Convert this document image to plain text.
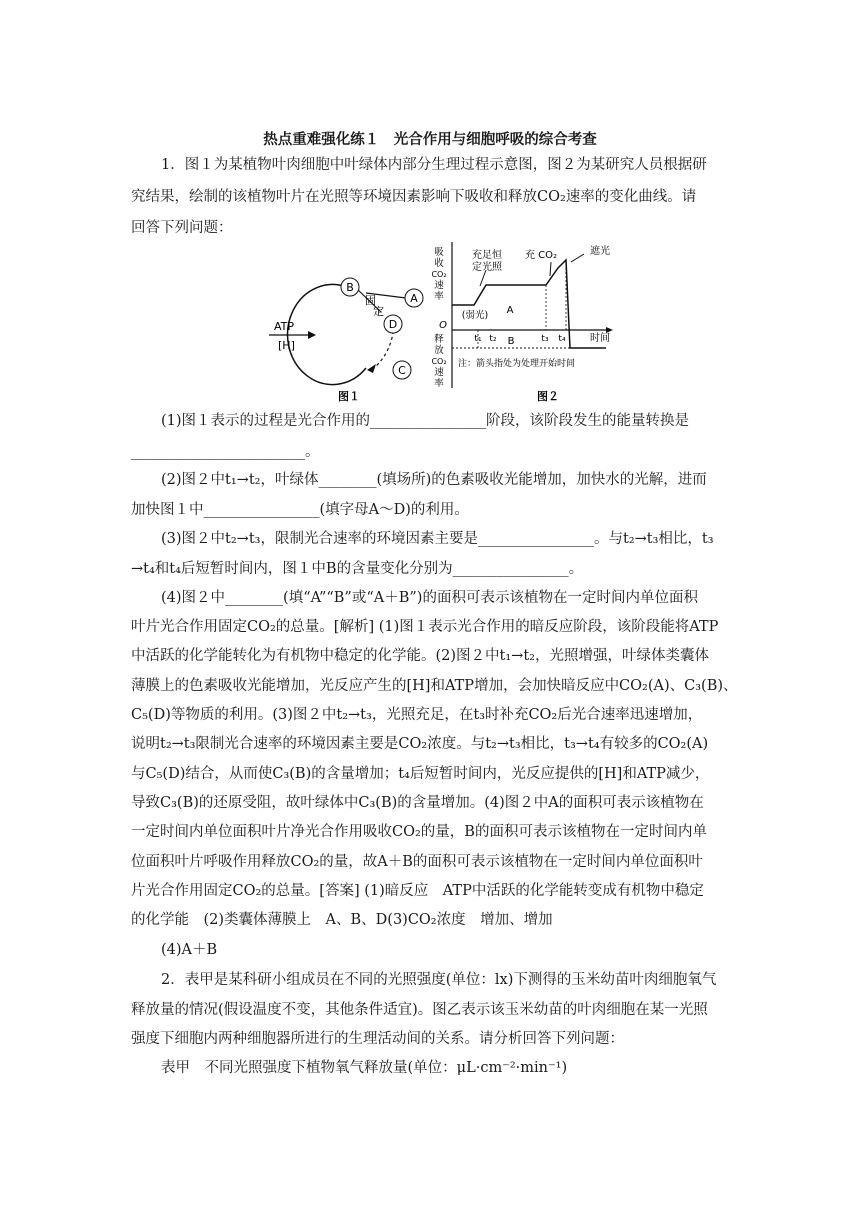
热点重难强化练１　光合作用与细胞呼吸的综合考查
1．图１为某植物叶肉细胞中叶绿体内部分生理过程示意图，图２为某研究人员根据研
究结果，绘制的该植物叶片在光照等环境因素影响下吸收和释放CO₂速率的变化曲线。请
回答下列问题：
B
A
D
C
ATP
[H]
固
定
图１
吸
收
CO₂
速
率
O
释
放
CO₂
速
率
充足恒
定光照
充 CO₂	遮光
(弱光) A
B
t₁ t₂	t₃ t₄ 时间
注：箭头指处为处理开始时间
图２
(1)图１表示的过程是光合作用的________________阶段，该阶段发生的能量转换是
________________________。
(2)图２中t₁→t₂，叶绿体________(填场所)的色素吸收光能增加，加快水的光解，进而
加快图１中________________(填字母A～D)的利用。
(3)图２中t₂→t₃，限制光合速率的环境因素主要是________________。与t₂→t₃相比，t₃
→t₄和t₄后短暂时间内，图１中B的含量变化分别为________________。
(4)图２中________(填“A”“B”或“A＋B”)的面积可表示该植物在一定时间内单位面积
叶片光合作用固定CO₂的总量。[解析] (1)图１表示光合作用的暗反应阶段，该阶段能将ATP
中活跃的化学能转化为有机物中稳定的化学能。(2)图２中t₁→t₂，光照增强，叶绿体类囊体
薄膜上的色素吸收光能增加，光反应产生的[H]和ATP增加，会加快暗反应中CO₂(A)、C₃(B)、
C₅(D)等物质的利用。(3)图２中t₂→t₃，光照充足，在t₃时补充CO₂后光合速率迅速增加，
说明t₂→t₃限制光合速率的环境因素主要是CO₂浓度。与t₂→t₃相比，t₃→t₄有较多的CO₂(A)
与C₅(D)结合，从而使C₃(B)的含量增加；t₄后短暂时间内，光反应提供的[H]和ATP减少，
导致C₃(B)的还原受阻，故叶绿体中C₃(B)的含量增加。(4)图２中A的面积可表示该植物在
一定时间内单位面积叶片净光合作用吸收CO₂的量，B的面积可表示该植物在一定时间内单
位面积叶片呼吸作用释放CO₂的量，故A＋B的面积可表示该植物在一定时间内单位面积叶
片光合作用固定CO₂的总量。[答案] (1)暗反应　ATP中活跃的化学能转变成有机物中稳定
的化学能　(2)类囊体薄膜上　A、B、D(3)CO₂浓度　增加、增加
(4)A＋B
2．表甲是某科研小组成员在不同的光照强度(单位：lx)下测得的玉米幼苗叶肉细胞氧气
释放量的情况(假设温度不变，其他条件适宜)。图乙表示该玉米幼苗的叶肉细胞在某一光照
强度下细胞内两种细胞器所进行的生理活动间的关系。请分析回答下列问题：
表甲　不同光照强度下植物氧气释放量(单位：μL·cm⁻²·min⁻¹)
